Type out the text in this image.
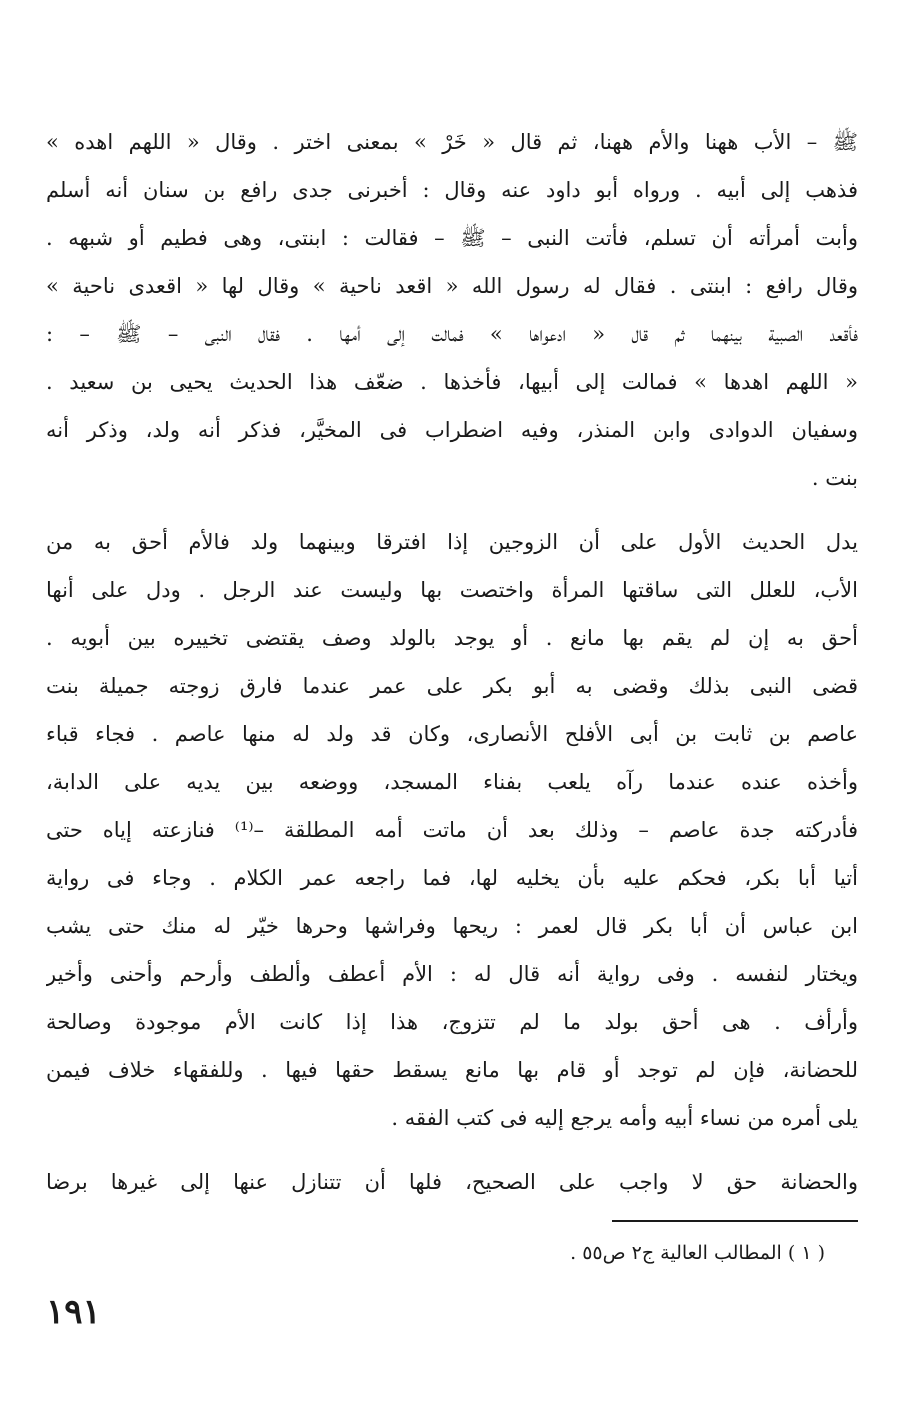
ﷺ – الأب ههنا والأم ههنا، ثم قال « خَرْ » بمعنى اختر . وقال « اللهم اهده »
فذهب إلى أبيه . ورواه أبو داود عنه وقال : أخبرنى جدى رافع بن سنان أنه أسلم
وأبت أمرأته أن تسلم، فأتت النبى – ﷺ – فقالت : ابنتى، وهى فطيم أو شبهه .
وقال رافع : ابنتى . فقال له رسول الله « اقعد ناحية » وقال لها « اقعدى ناحية »
فأقعد الصبية بينهما ثم قال « ادعواها » فمالت إلى أمها . فقال النبى – ﷺ – :
« اللهم اهدها » فمالت إلى أبيها، فأخذها . ضعّف هذا الحديث يحيى بن سعيد .
وسفيان الدوادى وابن المنذر، وفيه اضطراب فى المخيَّر، فذكر أنه ولد، وذكر أنه
بنت .
يدل الحديث الأول على أن الزوجين إذا افترقا وبينهما ولد فالأم أحق به من
الأب، للعلل التى ساقتها المرأة واختصت بها وليست عند الرجل . ودل على أنها
أحق به إن لم يقم بها مانع . أو يوجد بالولد وصف يقتضى تخييره بين أبويه .
قضى النبى بذلك وقضى به أبو بكر على عمر عندما فارق زوجته جميلة بنت
عاصم بن ثابت بن أبى الأفلح الأنصارى، وكان قد ولد له منها عاصم . فجاء قباء
وأخذه عنده عندما رآه يلعب بفناء المسجد، ووضعه بين يديه على الدابة،
فأدركته جدة عاصم – وذلك بعد أن ماتت أمه المطلقة –⁽¹⁾ فنازعته إياه حتى
أتيا أبا بكر، فحكم عليه بأن يخليه لها، فما راجعه عمر الكلام . وجاء فى رواية
ابن عباس أن أبا بكر قال لعمر : ريحها وفراشها وحرها خيّر له منك حتى يشب
ويختار لنفسه . وفى رواية أنه قال له : الأم أعطف وألطف وأرحم وأحنى وأخير
وأرأف . هى أحق بولد ما لم تتزوج، هذا إذا كانت الأم موجودة وصالحة
للحضانة، فإن لم توجد أو قام بها مانع يسقط حقها فيها . وللفقهاء خلاف فيمن
يلى أمره من نساء أبيه وأمه يرجع إليه فى كتب الفقه .
والحضانة حق لا واجب على الصحيح، فلها أن تتنازل عنها إلى غيرها برضا
( ١ ) المطالب العالية ج٢ ص٥٥ .
١٩١
